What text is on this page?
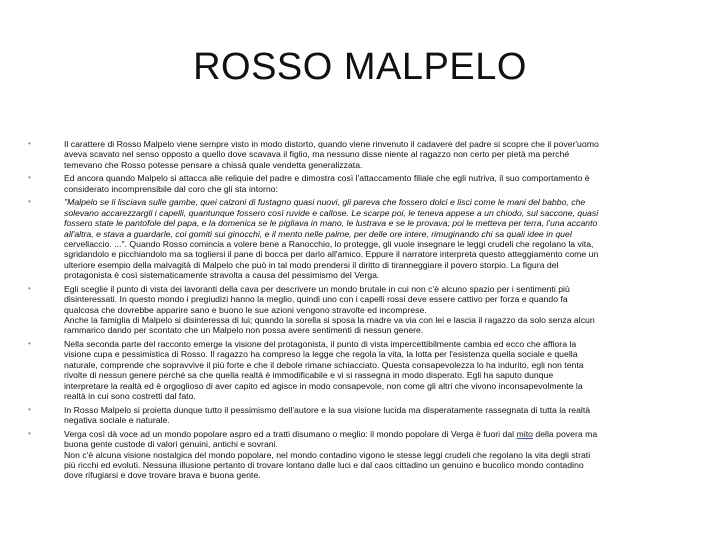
ROSSO MALPELO
•	Il carattere di Rosso Malpelo viene sempre visto in modo distorto, quando viene rinvenuto il cadavere del padre si scopre che il pover'uomo
aveva scavato nel senso opposto a quello dove scavava il figlio, ma nessuno disse niente al ragazzo non certo per pietà ma perché
temevano che Rosso potesse pensare a chissà quale vendetta generalizzata.
•	Ed ancora quando Malpelo si attacca alle reliquie del padre e dimostra così l'attaccamento filiale che egli nutriva, il suo comportamento è
considerato incomprensibile dal coro che gli sta intorno:
•	"Malpelo se li lisciava sulle gambe, quei calzoni di fustagno quasi nuovi, gli pareva che fossero dolci e lisci come le mani del babbo, che
solevano accarezzargli i capelli, quantunque fossero così ruvide e callose. Le scarpe poi, le teneva appese a un chiodo, sul saccone, quasi
fossero state le pantofole del papa, e la domenica se le pigliava in mano, le lustrava e se le provava; poi le metteva per terra, l'una accanto
all'altra, e stava a guardarle, coi gomiti sui ginocchi, e il mento nelle palme, per delle ore intere, rimuginando chi sa quali idee in quel
cervellaccio. ...". Quando Rosso comincia a volere bene a Ranocchio, lo protegge, gli vuole insegnare le leggi crudeli che regolano la vita,
sgridandolo e picchiandolo ma sa togliersi il pane di bocca per darlo all'amico. Eppure il narratore interpreta questo atteggiamento come un
ulteriore esempio della malvagità di Malpelo che può in tal modo prendersi il diritto di tiranneggiare il povero storpio. La figura del
protagonista è così sistematicamente stravolta a causa del pessimismo del Verga.
•	Egli sceglie il punto di vista dei lavoranti della cava per descrivere un mondo brutale in cui non c'è alcuno spazio per i sentimenti più
disinteressati. In questo mondo i pregiudizi hanno la meglio, quindi uno con i capelli rossi deve essere cattivo per forza e quando fa
qualcosa che dovrebbe apparire sano e buono le sue azioni vengono stravolte ed incomprese.
Anche la famiglia di Malpelo si disinteressa di lui; quando la sorella si sposa la madre va via con lei e lascia il ragazzo da solo senza alcun
rammarico dando per scontato che un Malpelo non possa avere sentimenti di nessun genere.
•	Nella seconda parte del racconto emerge la visione del protagonista, il punto di vista impercettibilmente cambia ed ecco che affiora la
visione cupa e pessimistica di Rosso. Il ragazzo ha compreso la legge che regola la vita, la lotta per l'esistenza quella sociale e quella
naturale, comprende che sopravvive il più forte e che il debole rimane schiacciato. Questa consapevolezza lo ha indurito, egli non tenta
rivolte di nessun genere perché sa che quella realtà è immodificabile e vi si rassegna in modo disperato. Egli ha saputo dunque
interpretare la realtà ed è orgoglioso di aver capito ed agisce in modo consapevole, non come gli altri che vivono inconsapevolmente la
realtà in cui sono costretti dal fato.
•	In Rosso Malpelo si proietta dunque tutto il pessimismo dell'autore e la sua visione lucida ma disperatamente rassegnata di tutta la realtà
negativa sociale e naturale.
•	Verga così dà voce ad un mondo popolare aspro ed a tratti disumano o meglio: il mondo popolare di Verga è fuori dal mito della povera ma
buona gente custode di valori genuini, antichi e sovrani.
Non c'è alcuna visione nostalgica del mondo popolare, nel mondo contadino vigono le stesse leggi crudeli che regolano la vita degli strati
più ricchi ed evoluti. Nessuna illusione pertanto di trovare lontano dalle luci e dal caos cittadino un genuino e bucolico mondo contadino
dove rifugiarsi e dove trovare brava e buona gente.
